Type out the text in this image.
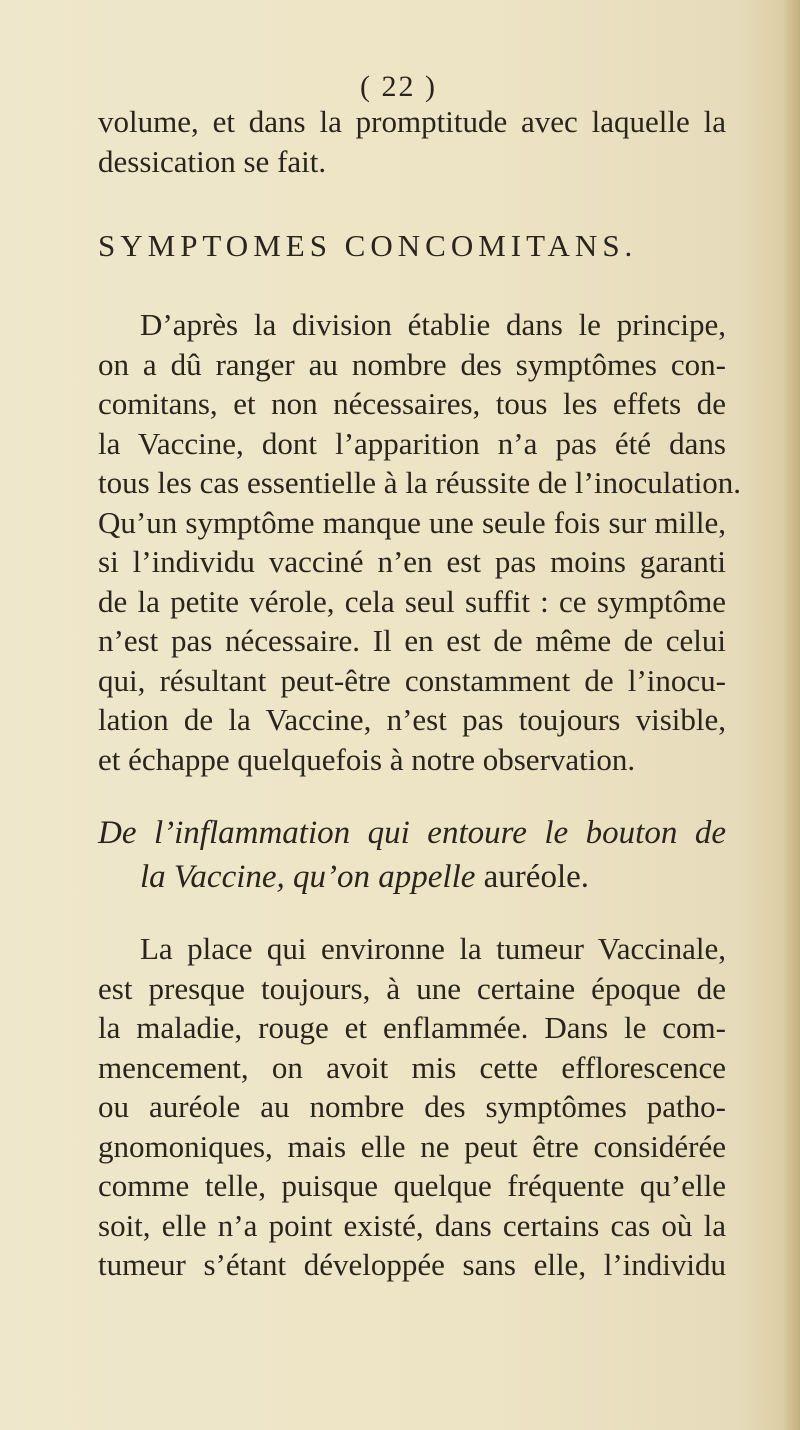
( 22 )
volume, et dans la promptitude avec laquelle la
dessication se fait.
SYMPTOMES CONCOMITANS.
D’après la division établie dans le principe,
on a dû ranger au nombre des symptômes con-
comitans, et non nécessaires, tous les effets de
la Vaccine, dont l’apparition n’a pas été dans
tous les cas essentielle à la réussite de l’inoculation.
Qu’un symptôme manque une seule fois sur mille,
si l’individu vacciné n’en est pas moins garanti
de la petite vérole, cela seul suffit : ce symptôme
n’est pas nécessaire. Il en est de même de celui
qui, résultant peut-être constamment de l’inocu-
lation de la Vaccine, n’est pas toujours visible,
et échappe quelquefois à notre observation.
De l’inflammation qui entoure le bouton de
la Vaccine, qu’on appelle auréole.
La place qui environne la tumeur Vaccinale,
est presque toujours, à une certaine époque de
la maladie, rouge et enflammée. Dans le com-
mencement, on avoit mis cette efflorescence
ou auréole au nombre des symptômes patho-
gnomoniques, mais elle ne peut être considérée
comme telle, puisque quelque fréquente qu’elle
soit, elle n’a point existé, dans certains cas où la
tumeur s’étant développée sans elle, l’individu
